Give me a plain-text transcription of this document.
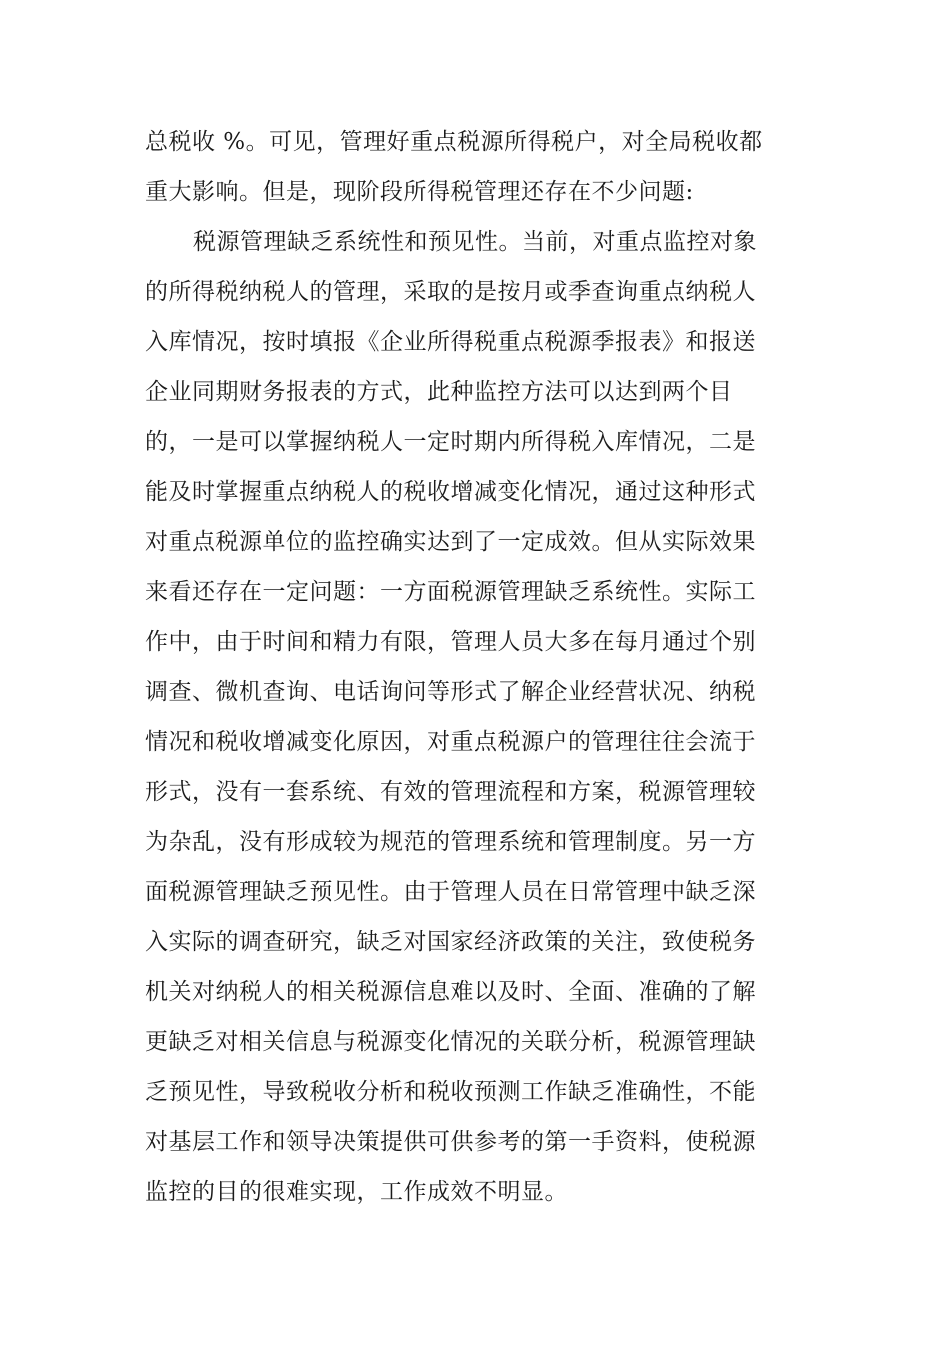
总税收 %。可见，管理好重点税源所得税户，对全局税收都
重大影响。但是，现阶段所得税管理还存在不少问题:
税源管理缺乏系统性和预见性。当前，对重点监控对象
的所得税纳税人的管理，采取的是按月或季查询重点纳税人
入库情况，按时填报《企业所得税重点税源季报表》和报送
企业同期财务报表的方式，此种监控方法可以达到两个目
的，一是可以掌握纳税人一定时期内所得税入库情况，二是
能及时掌握重点纳税人的税收增减变化情况，通过这种形式
对重点税源单位的监控确实达到了一定成效。但从实际效果
来看还存在一定问题：一方面税源管理缺乏系统性。实际工
作中，由于时间和精力有限，管理人员大多在每月通过个别
调查、微机查询、电话询问等形式了解企业经营状况、纳税
情况和税收增减变化原因，对重点税源户的管理往往会流于
形式，没有一套系统、有效的管理流程和方案，税源管理较
为杂乱，没有形成较为规范的管理系统和管理制度。另一方
面税源管理缺乏预见性。由于管理人员在日常管理中缺乏深
入实际的调查研究，缺乏对国家经济政策的关注，致使税务
机关对纳税人的相关税源信息难以及时、全面、准确的了解
更缺乏对相关信息与税源变化情况的关联分析，税源管理缺
乏预见性，导致税收分析和税收预测工作缺乏准确性，不能
对基层工作和领导决策提供可供参考的第一手资料，使税源
监控的目的很难实现，工作成效不明显。
